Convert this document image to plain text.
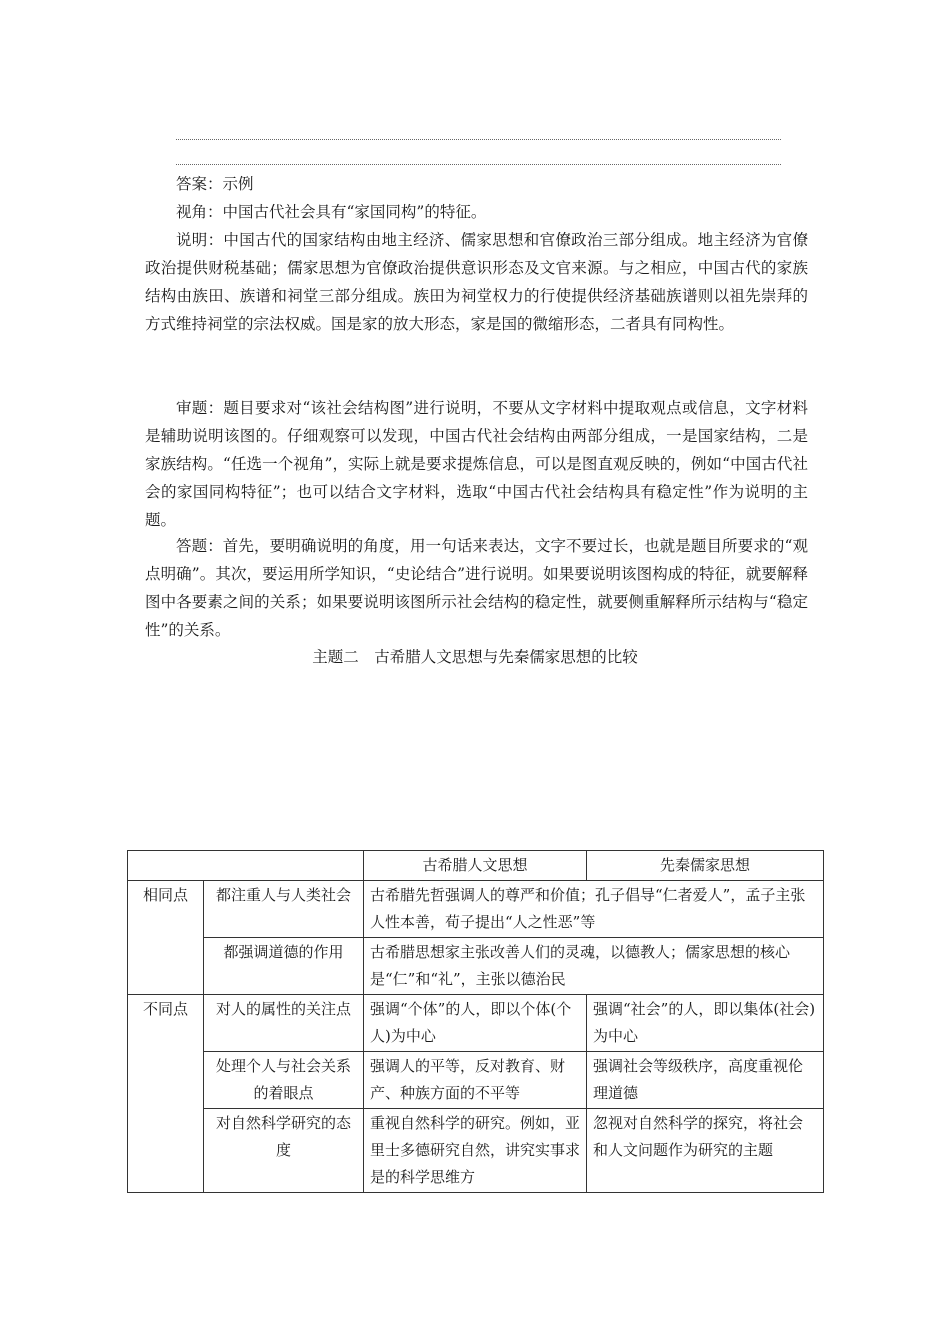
答案：示例

视角：中国古代社会具有“家国同构”的特征。

说明：中国古代的国家结构由地主经济、儒家思想和官僚政治三部分组成。地主经济为官僚政治提供财税基础；儒家思想为官僚政治提供意识形态及文官来源。与之相应，中国古代的家族结构由族田、族谱和祠堂三部分组成。族田为祠堂权力的行使提供经济基础族谱则以祖先崇拜的方式维持祠堂的宗法权威。国是家的放大形态，家是国的微缩形态，二者具有同构性。

审题：题目要求对“该社会结构图”进行说明，不要从文字材料中提取观点或信息，文字材料是辅助说明该图的。仔细观察可以发现，中国古代社会结构由两部分组成，一是国家结构，二是家族结构。“任选一个视角”，实际上就是要求提炼信息，可以是图直观反映的，例如“中国古代社会的家国同构特征”；也可以结合文字材料，选取“中国古代社会结构具有稳定性”作为说明的主题。

答题：首先，要明确说明的角度，用一句话来表达，文字不要过长，也就是题目所要求的“观点明确”。其次，要运用所学知识，“史论结合”进行说明。如果要说明该图构成的特征，就要解释图中各要素之间的关系；如果要说明该图所示社会结构的稳定性，就要侧重解释所示结构与“稳定性”的关系。

主题二　古希腊人文思想与先秦儒家思想的比较
		古希腊人文思想	先秦儒家思想
相同点	都注重人与人类社会	古希腊先哲强调人的尊严和价值；孔子倡导“仁者爱人”，孟子主张人性本善，荀子提出“人之性恶”等	
	都强调道德的作用	古希腊思想家主张改善人们的灵魂，以德教人；儒家思想的核心是“仁”和“礼”，主张以德治民	
不同点	对人的属性的关注点	强调“个体”的人，即以个体(个人)为中心	强调“社会”的人，即以集体(社会)为中心
	处理个人与社会关系的着眼点	强调人的平等，反对教育、财产、种族方面的不平等	强调社会等级秩序，高度重视伦理道德
	对自然科学研究的态度	重视自然科学的研究。例如，亚里士多德研究自然，讲究实事求是的科学思维方	忽视对自然科学的探究，将社会和人文问题作为研究的主题
